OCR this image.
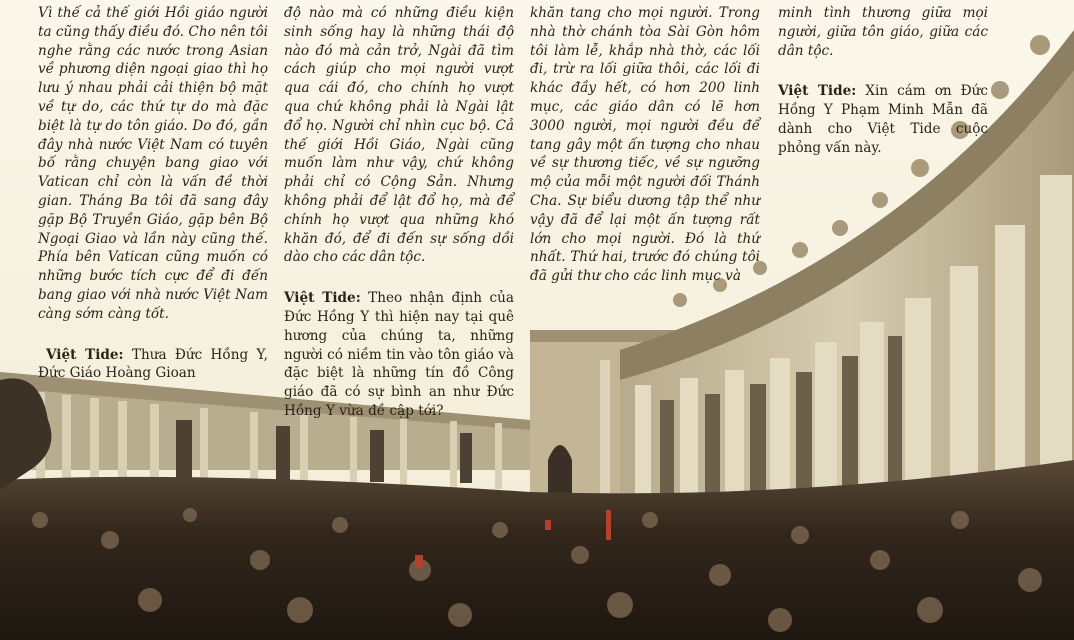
Vì thế cả thế giới Hồi giáo người ta cũng thấy điều đó. Cho nên tôi nghe rằng các nước trong Asian về phương diện ngoại giao thì họ lưu ý nhau phải cải thiện bộ mặt về tự do, các thứ tự do mà đặc biệt là tự do tôn giáo. Do đó, gần đây nhà nước Việt Nam có tuyên bố rằng chuyện bang giao với Vatican chỉ còn là vấn đề thời gian. Tháng Ba tôi đã sang đây gặp Bộ Truyền Giáo, gặp bên Bộ Ngoại Giao và lần này cũng thế. Phía bên Vatican cũng muốn có những bước tích cực để đi đến bang giao với nhà nước Việt Nam càng sớm càng tốt.

Việt Tide: Thưa Đức Hồng Y, Đức Giáo Hoàng Gioan

độ nào mà có những điều kiện sinh sống hay là những thái độ nào đó mà cản trở, Ngài đã tìm cách giúp cho mọi người vượt qua cái đó, cho chính họ vượt qua chứ không phải là Ngài lật đổ họ. Người chỉ nhìn cục bộ. Cả thế giới Hồi Giáo, Ngài cũng muốn làm như vậy, chứ không phải chỉ có Cộng Sản. Nhưng không phải để lật đổ họ, mà để chính họ vượt qua những khó khăn đó, để đi đến sự sống dồi dào cho các dân tộc.

Việt Tide: Theo nhận định của Đức Hồng Y thì hiện nay tại quê hương của chúng ta, những người có niềm tin vào tôn giáo và đặc biệt là những tín đồ Công giáo đã có sự bình an như Đức Hồng Y vừa đề cập tới?

khăn tang cho mọi người. Trong nhà thờ chánh tòa Sài Gòn hôm tôi làm lễ, khắp nhà thờ, các lối đi, trừ ra lối giữa thôi, các lối đi khác đầy hết, có hơn 200 linh mục, các giáo dân có lẽ hơn 3000 người, mọi người đều để tang gây một ấn tượng cho nhau về sự thương tiếc, về sự ngưỡng mộ của mỗi một người đối Thánh Cha. Sự biểu dương tập thể như vậy đã để lại một ấn tượng rất lớn cho mọi người. Đó là thứ nhất. Thứ hai, trước đó chúng tôi đã gửi thư cho các linh mục và

minh tình thương giữa mọi người, giữa tôn giáo, giữa các dân tộc.

Việt Tide: Xin cám ơn Đức Hồng Y Phạm Minh Mẫn đã dành cho Việt Tide cuộc phỏng vấn này.
